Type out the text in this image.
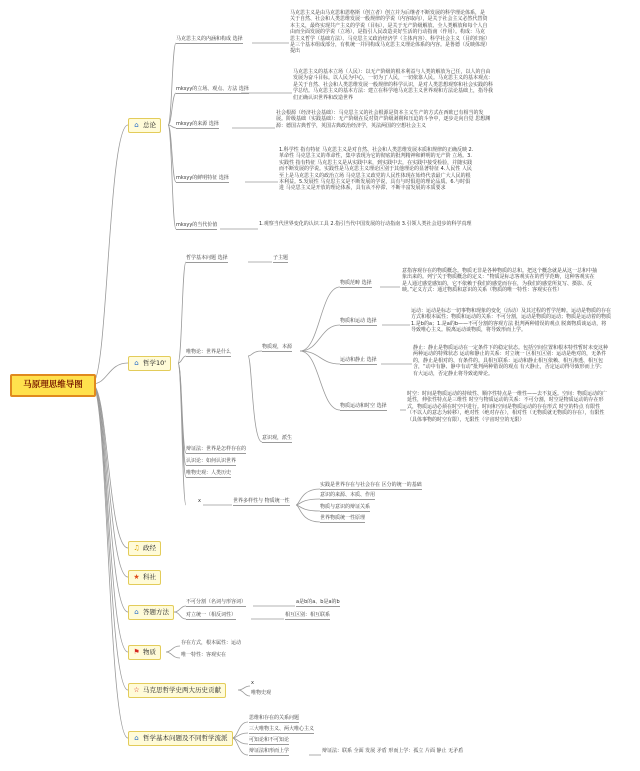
马原理思维导图
⌂ 总论
⌂ 哲学10'
♫ 政经
★ 科社
⌂ 答题方法
⚑ 物质
☆ 马克思哲学史两大历史贡献
⌂ 哲学基本问题及不同哲学流派
马克思主义的内涵和构成 选择
马克思主义是由马克思和恩格斯（创立者）创立并为后继者不断发展的科学理论体系，是关于自然、社会和人类思维发展一般规律的学说（内容取向），是关于社会主义必然代替资本主义，最终实现共产主义的学说（目标），是关于无产阶级解放、全人类解放和每个人自由而全面发展的学说（立场），是指引人民改造美好生活的行动指南（作用）。构成：马克思主义哲学（基础方法）、马克思主义政治经济学（主体内容）、科学社会主义（目的归宿）是三个基本组成部分，有机统一并同构成马克思主义理论体系的内容。是鲁德（反映体现）提出
mksyy的立场、观点、方法 选择
马克思主义的基本立场（人民）：以无产阶级的根本利益与人类的解放为己任，以人的自由发展为奋斗目标。以人民为中心，一切为了人民，一切依靠人民。马克思主义的基本观点：是关于自然、社会和人类思维发展一般规律的科学认识，是对人类思想观察和社会实践的科学总结。马克思主义的基本方法：建立在科学地马克思主义世界观和方法论基础上，指导我们正确认识世界和改造世界
mksyy的来源 选择
社会根源（经济社会基础）：马克思主义的社会根源是资本主义生产的方式在西欧已有相当的发展。阶级基础（实践基础）：无产阶级在反对资产阶级剥削和压迫的斗争中，逐步走向自觉 思想渊源：德国古典哲学，英国古典政治经济学，英法两国的空想社会主义
mksyy的鲜明特征 选择
1.科学性 指有特征 马克思主义是对自然、社会和人类思维发展本质和规律的正确反映 2.革命性 马克思主义的革命性，集中表现为它的彻底的批判精神和鲜明的无产阶 立场。3.实践性 指有特征 马克思主义是从实践中来，到实践中去，在实践中接受检验，并随实践而不断发展的学说。实践性是马克思主义理论区别于其他理论的显著特征 4.人民性 人民至上是马克思主义的政治立场 马克思主义政党的人民性体现在始终代表最广大人民的根本利益。5.发展性 马克思主义是不断发展的学说，具有与时俱进的理论品质。6.与时俱进 马克思主义是开放的理论体系，具有从不停滞、不断丰富发展的本质要求
mksyy的当代价值	1.观察当代世界变化的认识工具 2.指引当代中国发展的行动指南 3.引领人类社会进步的科学真理
哲学基本问题 选择	子主题
唯物论：世界是什么
物质观，本源
意识观，派生
物质范畴 选择
意指客观存在的物质概念。物质无非是各种物质的总和。把这个概念就是从这一总和中抽象出来的。列宁关于物质概念的定义：“物质是标志客观实在的哲学范畴，这种客观实在是人通过感觉感知的，它不依赖于我们的感觉而存在，为我们的感觉所复写、摄影、反映。”定义方式：通过物质和意识的关系（物质的唯一特性：客观实在性）
物质和运动 选择
运动：运动是标志一切事物和现象的变化（活动）及其过程的哲学范畴。运动是物质的存在方式和根本属性；物质和运动的关系：不可分割，运动是物质的运动；物质是运动着的物质 1.是b的a；1.是a的b——不可分割的客观方法 批判两种错误的观点 脱离物质谈运动，将导致唯心主义。脱离运动谈物质，将导致形而上学。
运动和静止 选择
静止：静止是物质运动在一定条件下的稳定状态。包括空间位置和根本特性暂时未变这种两种运动的特殊状态 运动和静止的关系：对立统一 区相互区别：运动是绝对的，无条件的，静止是相对的、有条件的。具相互联系：运动和静止相互依赖、相互渗透、相互包含，“动中有静、静中有动”批判两种错误的观点 有大静止，否定运动得导致形而上学；有大运动，否定静止将导致诡辩论。
物质运动和时空 选择
时空：时间是物质运动的持续性、顺序性特点是一维性——去不复返。空间：物质运动的广延性，伸张性特点是三维性 时空与物质运动的关系：不可分割，时空是物质运动的存在形式，物质运动必须在时空中进行。时间和空间是物质运动的存在形式 时空的特点 有限性（不以人的意志为转移），绝对性（绝对存在），相对性（无物质就无物质的存在），有限性（具体事物的时空有限），无限性（宇宙时空的无限）
辩证法：世界是怎样存在的
认识论：如何认识世界
唯物史观：人类历史
x	世界多样性与 物质统一性
实践是世界存在与社会存在 区分的统一的基础
意识的来源、本质、作用
物质与意识的辩证关系
世界物质统一性原理
不可分割（名词与形容词）	a是b的a、b是a的b
对立统一（相反词性）	相互区别：相互联系
存在方式，根本属性：运动
唯一特性：客观实在
x
唯物史观
思维和存在的关系问题
三大唯物主义、两大唯心主义
可知论和不可知论
辩证法和形而上学	辩证法：联系 全面 发展 矛盾 形而上学：孤立 片面 静止 无矛盾
